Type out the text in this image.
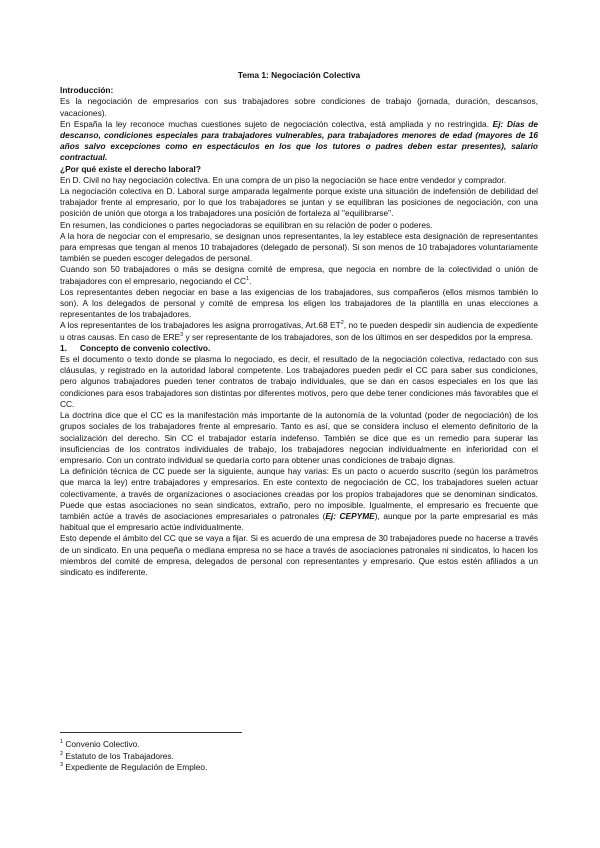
Tema 1: Negociación Colectiva

Introducción:

Es la negociación de empresarios con sus trabajadores sobre condiciones de trabajo (jornada, duración, descansos, vacaciones).

En España la ley reconoce muchas cuestiones sujeto de negociación colectiva, está ampliada y no restringida. Ej: Dias de descanso, condiciones especiales para trabajadores vulnerables, para trabajadores menores de edad (mayores de 16 años salvo excepciones como en espectáculos en los que los tutores o padres deben estar presentes), salario contractual.

¿Por qué existe el derecho laboral?

En D. Civil no hay negociación colectiva. En una compra de un piso la negociación se hace entre vendedor y comprador.

La negociación colectiva en D. Laboral surge amparada legalmente porque existe una situación de indefensión de debilidad del trabajador frente al empresario, por lo que los trabajadores se juntan y se equilibran las posiciones de negociación, con una posición de unión que otorga a los trabajadores una posición de fortaleza al "equilibrarse".

En resumen, las condiciones o partes negociadoras se equilibran en su relación de poder o poderes.

A la hora de negociar con el empresario, se designan unos representantes, la ley establece esta designación de representantes para empresas que tengan al menos 10 trabajadores (delegado de personal). Si son menos de 10 trabajadores voluntariamente también se pueden escoger delegados de personal.

Cuando son 50 trabajadores o más se designa comité de empresa, que negocia en nombre de la colectividad o unión de trabajadores con el empresario, negociando el $CC^1$.

Los representantes deben negociar en base a las exigencias de los trabajadores, sus compañeros (ellos mismos también lo son). A los delegados de personal y comité de empresa los eligen los trabajadores de la plantilla en unas elecciones a representantes de los trabajadores.

A los representantes de los trabajadores les asigna prorrogativas, Art.68 $ET^2$, no te pueden despedir sin audiencia de expediente u otras causas. En caso de ERE$^3$ y ser representante de los trabajadores, son de los últimos en ser despedidos por la empresa.

1. Concepto de convenio colectivo.

Es el documento o texto donde se plasma lo negociado, es decir, el resultado de la negociación colectiva, redactado con sus cláusulas, y registrado en la autoridad laboral competente. Los trabajadores pueden pedir el CC para saber sus condiciones, pero algunos trabajadores pueden tener contratos de trabajo individuales, que se dan en casos especiales en los que las condiciones para esos trabajadores son distintas por diferentes motivos, pero que debe tener condiciones más favorables que el CC.

La doctrina dice que el CC es la manifestación más importante de la autonomía de la voluntad (poder de negociación) de los grupos sociales de los trabajadores frente al empresario. Tanto es así, que se considera incluso el elemento definitorio de la socialización del derecho. Sin CC el trabajador estaría indefenso. También se dice que es un remedio para superar las insuficiencias de los contratos individuales de trabajo, los trabajadores negocian individualmente en inferioridad con el empresario. Con un contrato individual se quedaría corto para obtener unas condiciones de trabajo dignas.

La definición técnica de CC puede ser la siguiente, aunque hay varias: Es un pacto o acuerdo suscrito (según los parámetros que marca la ley) entre trabajadores y empresarios. En este contexto de negociación de CC, los trabajadores suelen actuar colectivamente, a través de organizaciones o asociaciones creadas por los propios trabajadores que se denominan sindicatos. Puede que estas asociaciones no sean sindicatos, extraño, pero no imposible. Igualmente, el empresario es frecuente que también actúe a través de asociaciones empresariales o patronales (Ej: CEPYME), aunque por la parte empresarial es más habitual que el empresario actúe individualmente.

Esto depende el ámbito del CC que se vaya a fijar. Si es acuerdo de una empresa de 30 trabajadores puede no hacerse a través de un sindicato. En una pequeña o mediana empresa no se hace a través de asociaciones patronales ni sindicatos, lo hacen los miembros del comité de empresa, delegados de personal con representantes y empresario. Que estos estén afiliados a un sindicato es indiferente.

$^1$ Convenio Colectivo.

$^2$ Estatuto de los Trabajadores.

$^3$ Expediente de Regulación de Empleo.
